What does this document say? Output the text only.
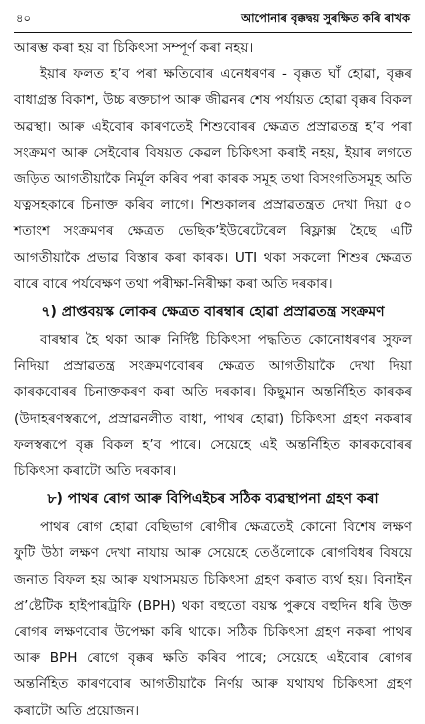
৪০	আপোনাৰ বৃক্কদ্বয় সুৰক্ষিত কৰি ৰাখক

আৰম্ভ কৰা হয় বা চিকিৎসা সম্পূৰ্ণ কৰা নহয়।

ইয়াৰ ফলত হ’ব পৰা ক্ষতিবোৰ এনেধৰণৰ - বৃক্কত ঘাঁ হোৱা, বৃক্কৰ বাধাগ্ৰস্ত বিকাশ, উচ্চ ৰক্তচাপ আৰু জীৱনৰ শেষ পৰ্যায়ত হোৱা বৃক্কৰ বিকল অৱস্থা। আৰু এইবোৰ কাৰণতেই শিশুবোৰৰ ক্ষেত্ৰত প্ৰস্ৰাৱতন্ত্ৰ হ’ব পৰা সংক্ৰমণ আৰু সেইবোৰ বিষয়ত কেৱল চিকিৎসা কৰাই নহয়, ইয়াৰ লগতে জড়িত আগতীয়াকৈ নিৰ্মূল কৰিব পৰা কাৰক সমূহ তথা বিসংগতিসমূহ অতি যত্নসহকাৰে চিনাক্ত কৰিব লাগে। শিশুকালৰ প্ৰস্ৰাৱতন্ত্ৰত দেখা দিয়া ৫০ শতাংশ সংক্ৰমণৰ ক্ষেত্ৰত ভেছিক’ইউৰেটেৰেল ৰিফ্লাক্স হৈছে এটি আগতীয়াকৈ প্ৰভাৱ বিস্তাৰ কৰা কাৰক। UTI থকা সকলো শিশুৰ ক্ষেত্ৰত বাৰে বাৰে পৰ্যবেক্ষণ তথা পৰীক্ষা-নিৰীক্ষা কৰা অতি দৰকাৰ।

৭) প্ৰাপ্তবয়স্ক লোকৰ ক্ষেত্ৰত বাৰম্বাৰ হোৱা প্ৰস্ৰাৱতন্ত্ৰ সংক্ৰমণ

বাৰম্বাৰ হৈ থকা আৰু নিৰ্দিষ্ট চিকিৎসা পদ্ধতিত কোনোধৰণৰ সুফল নিদিয়া প্ৰস্ৰাৱতন্ত্ৰ সংক্ৰমণবোৰৰ ক্ষেত্ৰত আগতীয়াকৈ দেখা দিয়া কাৰকবোৰৰ চিনাক্তকৰণ কৰা অতি দৰকাৰ। কিছুমান অন্তৰ্নিহিত কাৰকৰ (উদাহৰণস্বৰূপে, প্ৰস্ৰাৱনলীত বাধা, পাথৰ হোৱা) চিকিৎসা গ্ৰহণ নকৰাৰ ফলস্বৰূপে বৃক্ক বিকল হ’ব পাৰে। সেয়েহে এই অন্তৰ্নিহিত কাৰকবোৰৰ চিকিৎসা কৰাটো অতি দৰকাৰ।

৮) পাথৰ ৰোগ আৰু বিপিএইচৰ সঠিক ব্যৱস্থাপনা গ্ৰহণ কৰা

পাথৰ ৰোগ হোৱা বেছিভাগ ৰোগীৰ ক্ষেত্ৰতেই কোনো বিশেষ লক্ষণ ফুটি উঠা লক্ষণ দেখা নাযায় আৰু সেয়েহে তেওঁলোকে ৰোগবিধৰ বিষয়ে জনাত বিফল হয় আৰু যথাসময়ত চিকিৎসা গ্ৰহণ কৰাত ব্যৰ্থ হয়। বিনাইন প্ৰ’ষ্টেটিক হাইপাৰট্ৰফি (BPH) থকা বহুতো বয়স্ক পুৰুষে বহুদিন ধৰি উক্ত ৰোগৰ লক্ষণবোৰ উপেক্ষা কৰি থাকে। সঠিক চিকিৎসা গ্ৰহণ নকৰা পাথৰ আৰু BPH ৰোগে বৃক্কৰ ক্ষতি কৰিব পাৰে; সেয়েহে এইবোৰ ৰোগৰ অন্তৰ্নিহিত কাৰণবোৰ আগতীয়াকৈ নিৰ্ণয় আৰু যথাযথ চিকিৎসা গ্ৰহণ কৰাটো অতি প্ৰয়োজন।
